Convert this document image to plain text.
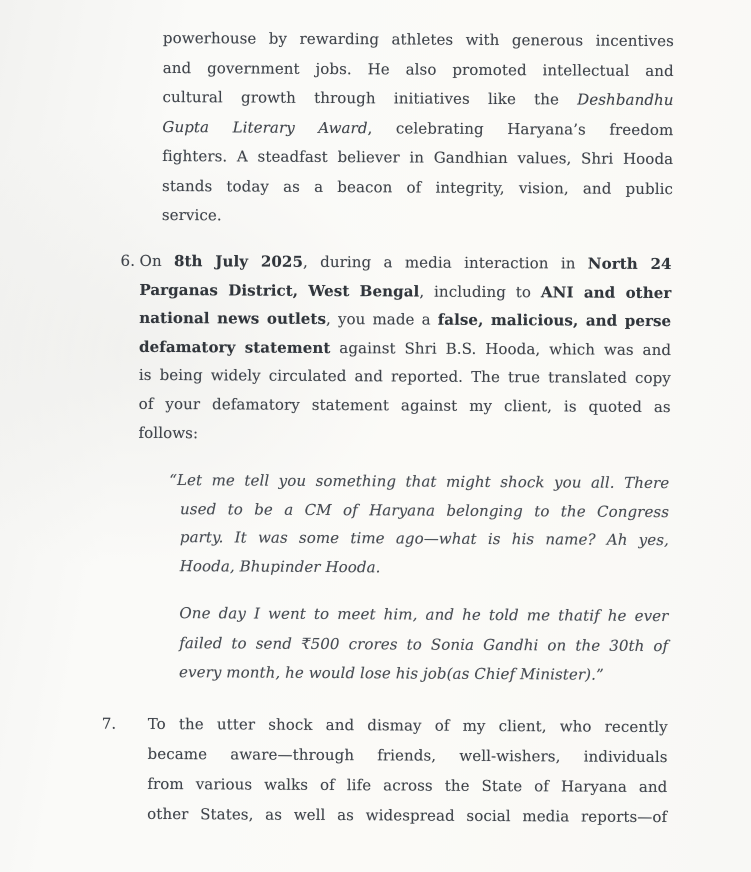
powerhouse by rewarding athletes with generous incentives
and government jobs. He also promoted intellectual and
cultural growth through initiatives like the Deshbandhu
Gupta Literary Award, celebrating Haryana’s freedom
fighters. A steadfast believer in Gandhian values, Shri Hooda
stands today as a beacon of integrity, vision, and public
service.
6. On 8th July 2025, during a media interaction in North 24
Parganas District, West Bengal, including to ANI and other
national news outlets, you made a false, malicious, and perse
defamatory statement against Shri B.S. Hooda, which was and
is being widely circulated and reported. The true translated copy
of your defamatory statement against my client, is quoted as
follows:
“Let me tell you something that might shock you all. There
used to be a CM of Haryana belonging to the Congress
party. It was some time ago—what is his name? Ah yes,
Hooda, Bhupinder Hooda.
One day I went to meet him, and he told me thatif he ever
failed to send ₹500 crores to Sonia Gandhi on the 30th of
every month, he would lose his job(as Chief Minister).”
7. To the utter shock and dismay of my client, who recently
became aware—through friends, well-wishers, individuals
from various walks of life across the State of Haryana and
other States, as well as widespread social media reports—of
